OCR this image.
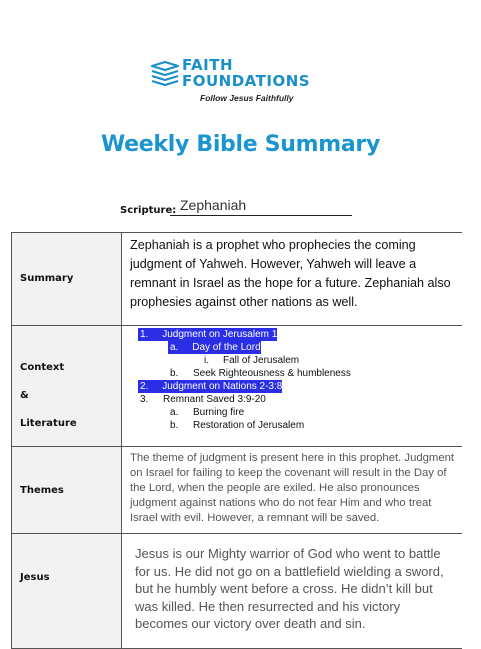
FAITH
FOUNDATIONS
Follow Jesus Faithfully
Weekly Bible Summary
Scripture: Zephaniah
Summary
Zephaniah is a prophet who prophecies the coming judgment of Yahweh. However, Yahweh will leave a remnant in Israel as the hope for a future. Zephaniah also prophesies against other nations as well.
Context
&
Literature
1. Judgment on Jerusalem 1
a. Day of the Lord
i. Fall of Jerusalem
b. Seek Righteousness & humbleness
2. Judgment on Nations 2-3:8
3. Remnant Saved 3:9-20
a. Burning fire
b. Restoration of Jerusalem
Themes
The theme of judgment is present here in this prophet. Judgment on Israel for failing to keep the covenant will result in the Day of the Lord, when the people are exiled. He also pronounces judgment against nations who do not fear Him and who treat Israel with evil. However, a remnant will be saved.
Jesus
Jesus is our Mighty warrior of God who went to battle for us. He did not go on a battlefield wielding a sword, but he humbly went before a cross. He didn’t kill but was killed. He then resurrected and his victory becomes our victory over death and sin.
